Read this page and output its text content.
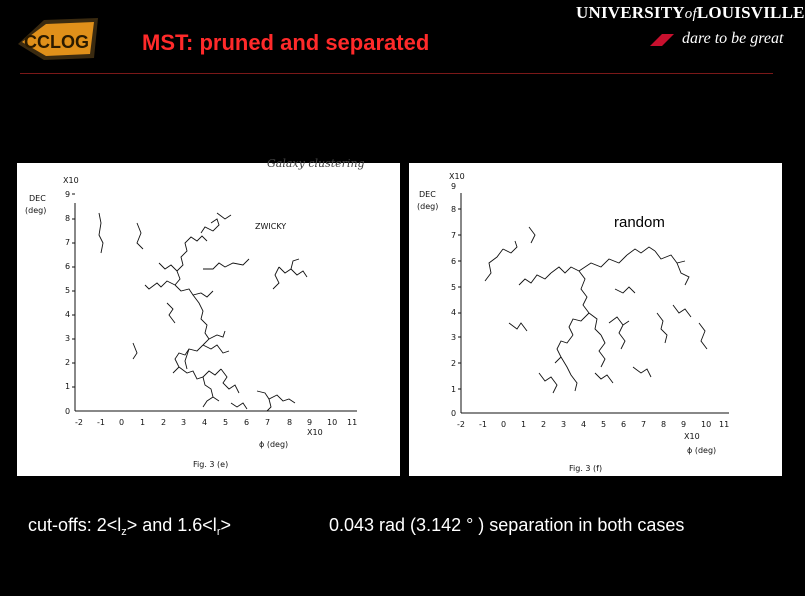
CCLOG MST: pruned and separated
UNIVERSITYofLOUISVILLE
dare to be great
Galaxy clustering
X10
DEC
(deg)
ZWICKY
X10
ϕ (deg)
Fig. 3 (e)
9
8
7
6
5
4
3
2
1
0
-2 -1 0 1 2 3 4 5 6 7 8 9 10 11
X10
DEC
(deg)
random
X10
ϕ (deg)
Fig. 3 (f)
9
8
7
6
5
4
3
2
1
0
-2 -1 0 1 2 3 4 5 6 7 8 9 10 11
cut-offs: $2<l_z>$ and $1.6<l_r>$	0.043 rad (3.142 ° ) separation in both cases
